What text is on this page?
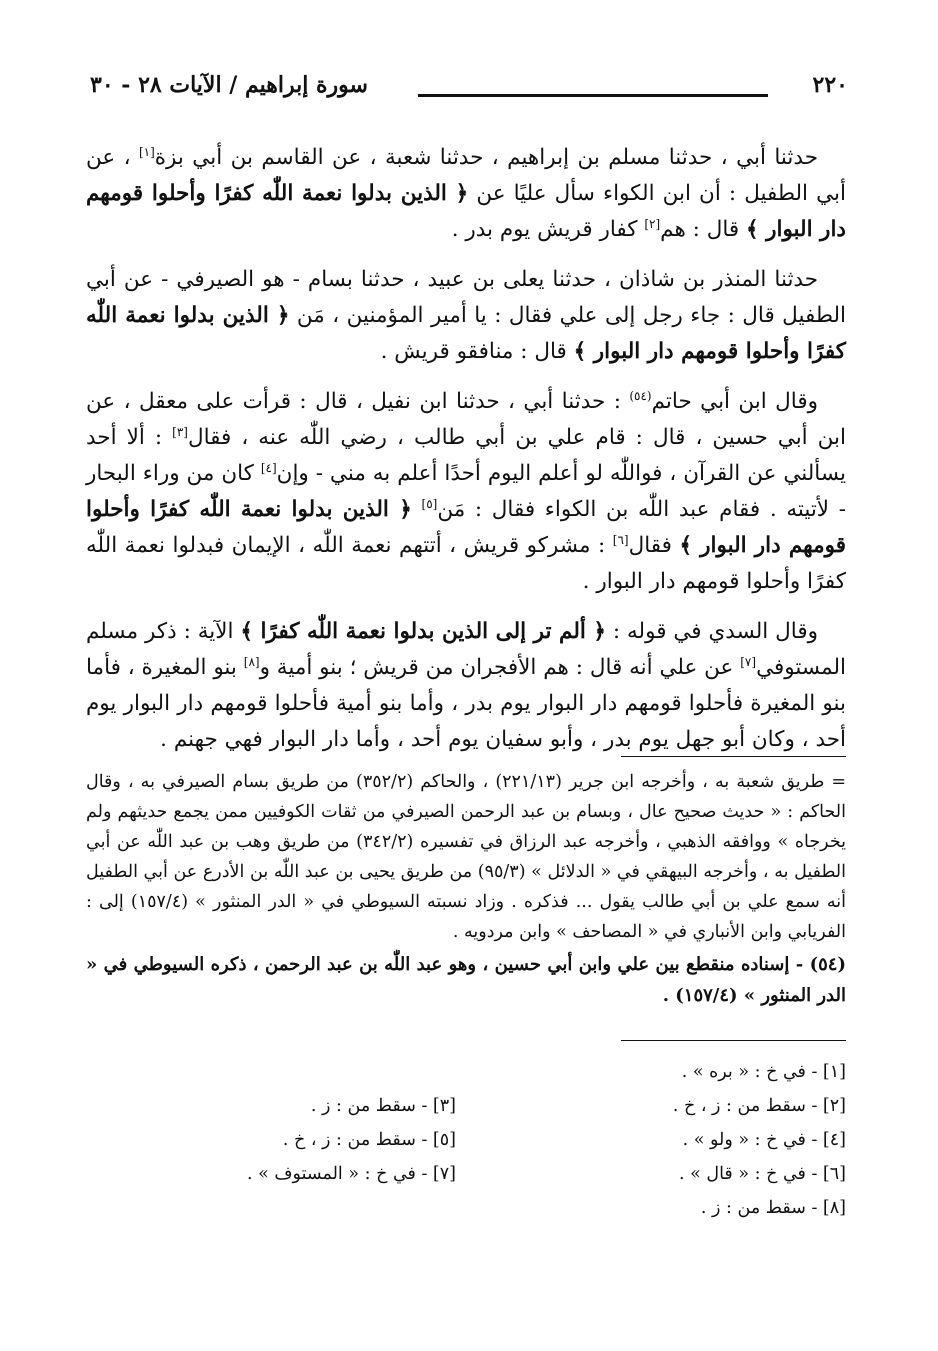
٢٢٠
سورة إبراهيم / الآيات ٢٨ - ٣٠

حدثنا أبي ، حدثنا مسلم بن إبراهيم ، حدثنا شعبة ، عن القاسم بن أبي بزة[١] ، عن أبي الطفيل : أن ابن الكواء سأل عليًا عن ﴿ الذين بدلوا نعمة اللّٰه كفرًا وأحلوا قومهم دار البوار ﴾ قال : هم[٢] كفار قريش يوم بدر .

حدثنا المنذر بن شاذان ، حدثنا يعلى بن عبيد ، حدثنا بسام - هو الصيرفي - عن أبي الطفيل قال : جاء رجل إلى علي فقال : يا أمير المؤمنين ، مَن ﴿ الذين بدلوا نعمة اللّٰه كفرًا وأحلوا قومهم دار البوار ﴾ قال : منافقو قريش .

وقال ابن أبي حاتم$^{(٥٤)}$ : حدثنا أبي ، حدثنا ابن نفيل ، قال : قرأت على معقل ، عن ابن أبي حسين ، قال : قام علي بن أبي طالب ، رضي اللّٰه عنه ، فقال[٣] : ألا أحد يسألني عن القرآن ، فواللّٰه لو أعلم اليوم أحدًا أعلم به مني - وإن[٤] كان من وراء البحار - لأتيته . فقام عبد اللّٰه بن الكواء فقال : مَن[٥] ﴿ الذين بدلوا نعمة اللّٰه كفرًا وأحلوا قومهم دار البوار ﴾ فقال[٦] : مشركو قريش ، أتتهم نعمة اللّٰه ، الإيمان فبدلوا نعمة اللّٰه كفرًا وأحلوا قومهم دار البوار .

وقال السدي في قوله : ﴿ ألم تر إلى الذين بدلوا نعمة اللّٰه كفرًا ﴾ الآية : ذكر مسلم المستوفي[٧] عن علي أنه قال : هم الأفجران من قريش ؛ بنو أمية و[٨] بنو المغيرة ، فأما بنو المغيرة فأحلوا قومهم دار البوار يوم بدر ، وأما بنو أمية فأحلوا قومهم دار البوار يوم أحد ، وكان أبو جهل يوم بدر ، وأبو سفيان يوم أحد ، وأما دار البوار فهي جهنم .

= طريق شعبة به ، وأخرجه ابن جرير (٢٢١/١٣) ، والحاكم (٣٥٢/٢) من طريق بسام الصيرفي به ، وقال الحاكم : « حديث صحيح عال ، وبسام بن عبد الرحمن الصيرفي من ثقات الكوفيين ممن يجمع حديثهم ولم يخرجاه » ووافقه الذهبي ، وأخرجه عبد الرزاق في تفسيره (٣٤٢/٢) من طريق وهب بن عبد اللّٰه عن أبي الطفيل به ، وأخرجه البيهقي في « الدلائل » (٩٥/٣) من طريق يحيى بن عبد اللّٰه بن الأدرع عن أبي الطفيل أنه سمع علي بن أبي طالب يقول ... فذكره . وزاد نسبته السيوطي في « الدر المنثور » (١٥٧/٤) إلى : الفريابي وابن الأنباري في « المصاحف » وابن مردويه .

(٥٤) - إسناده منقطع بين علي وابن أبي حسين ، وهو عبد اللّٰه بن عبد الرحمن ، ذكره السيوطي في « الدر المنثور » (١٥٧/٤) .

[١] - في خ : « بره » .
[٢] - سقط من : ز ، خ .
[٣] - سقط من : ز .
[٤] - في خ : « ولو » .
[٥] - سقط من : ز ، خ .
[٦] - في خ : « قال » .
[٧] - في خ : « المستوف » .
[٨] - سقط من : ز .
